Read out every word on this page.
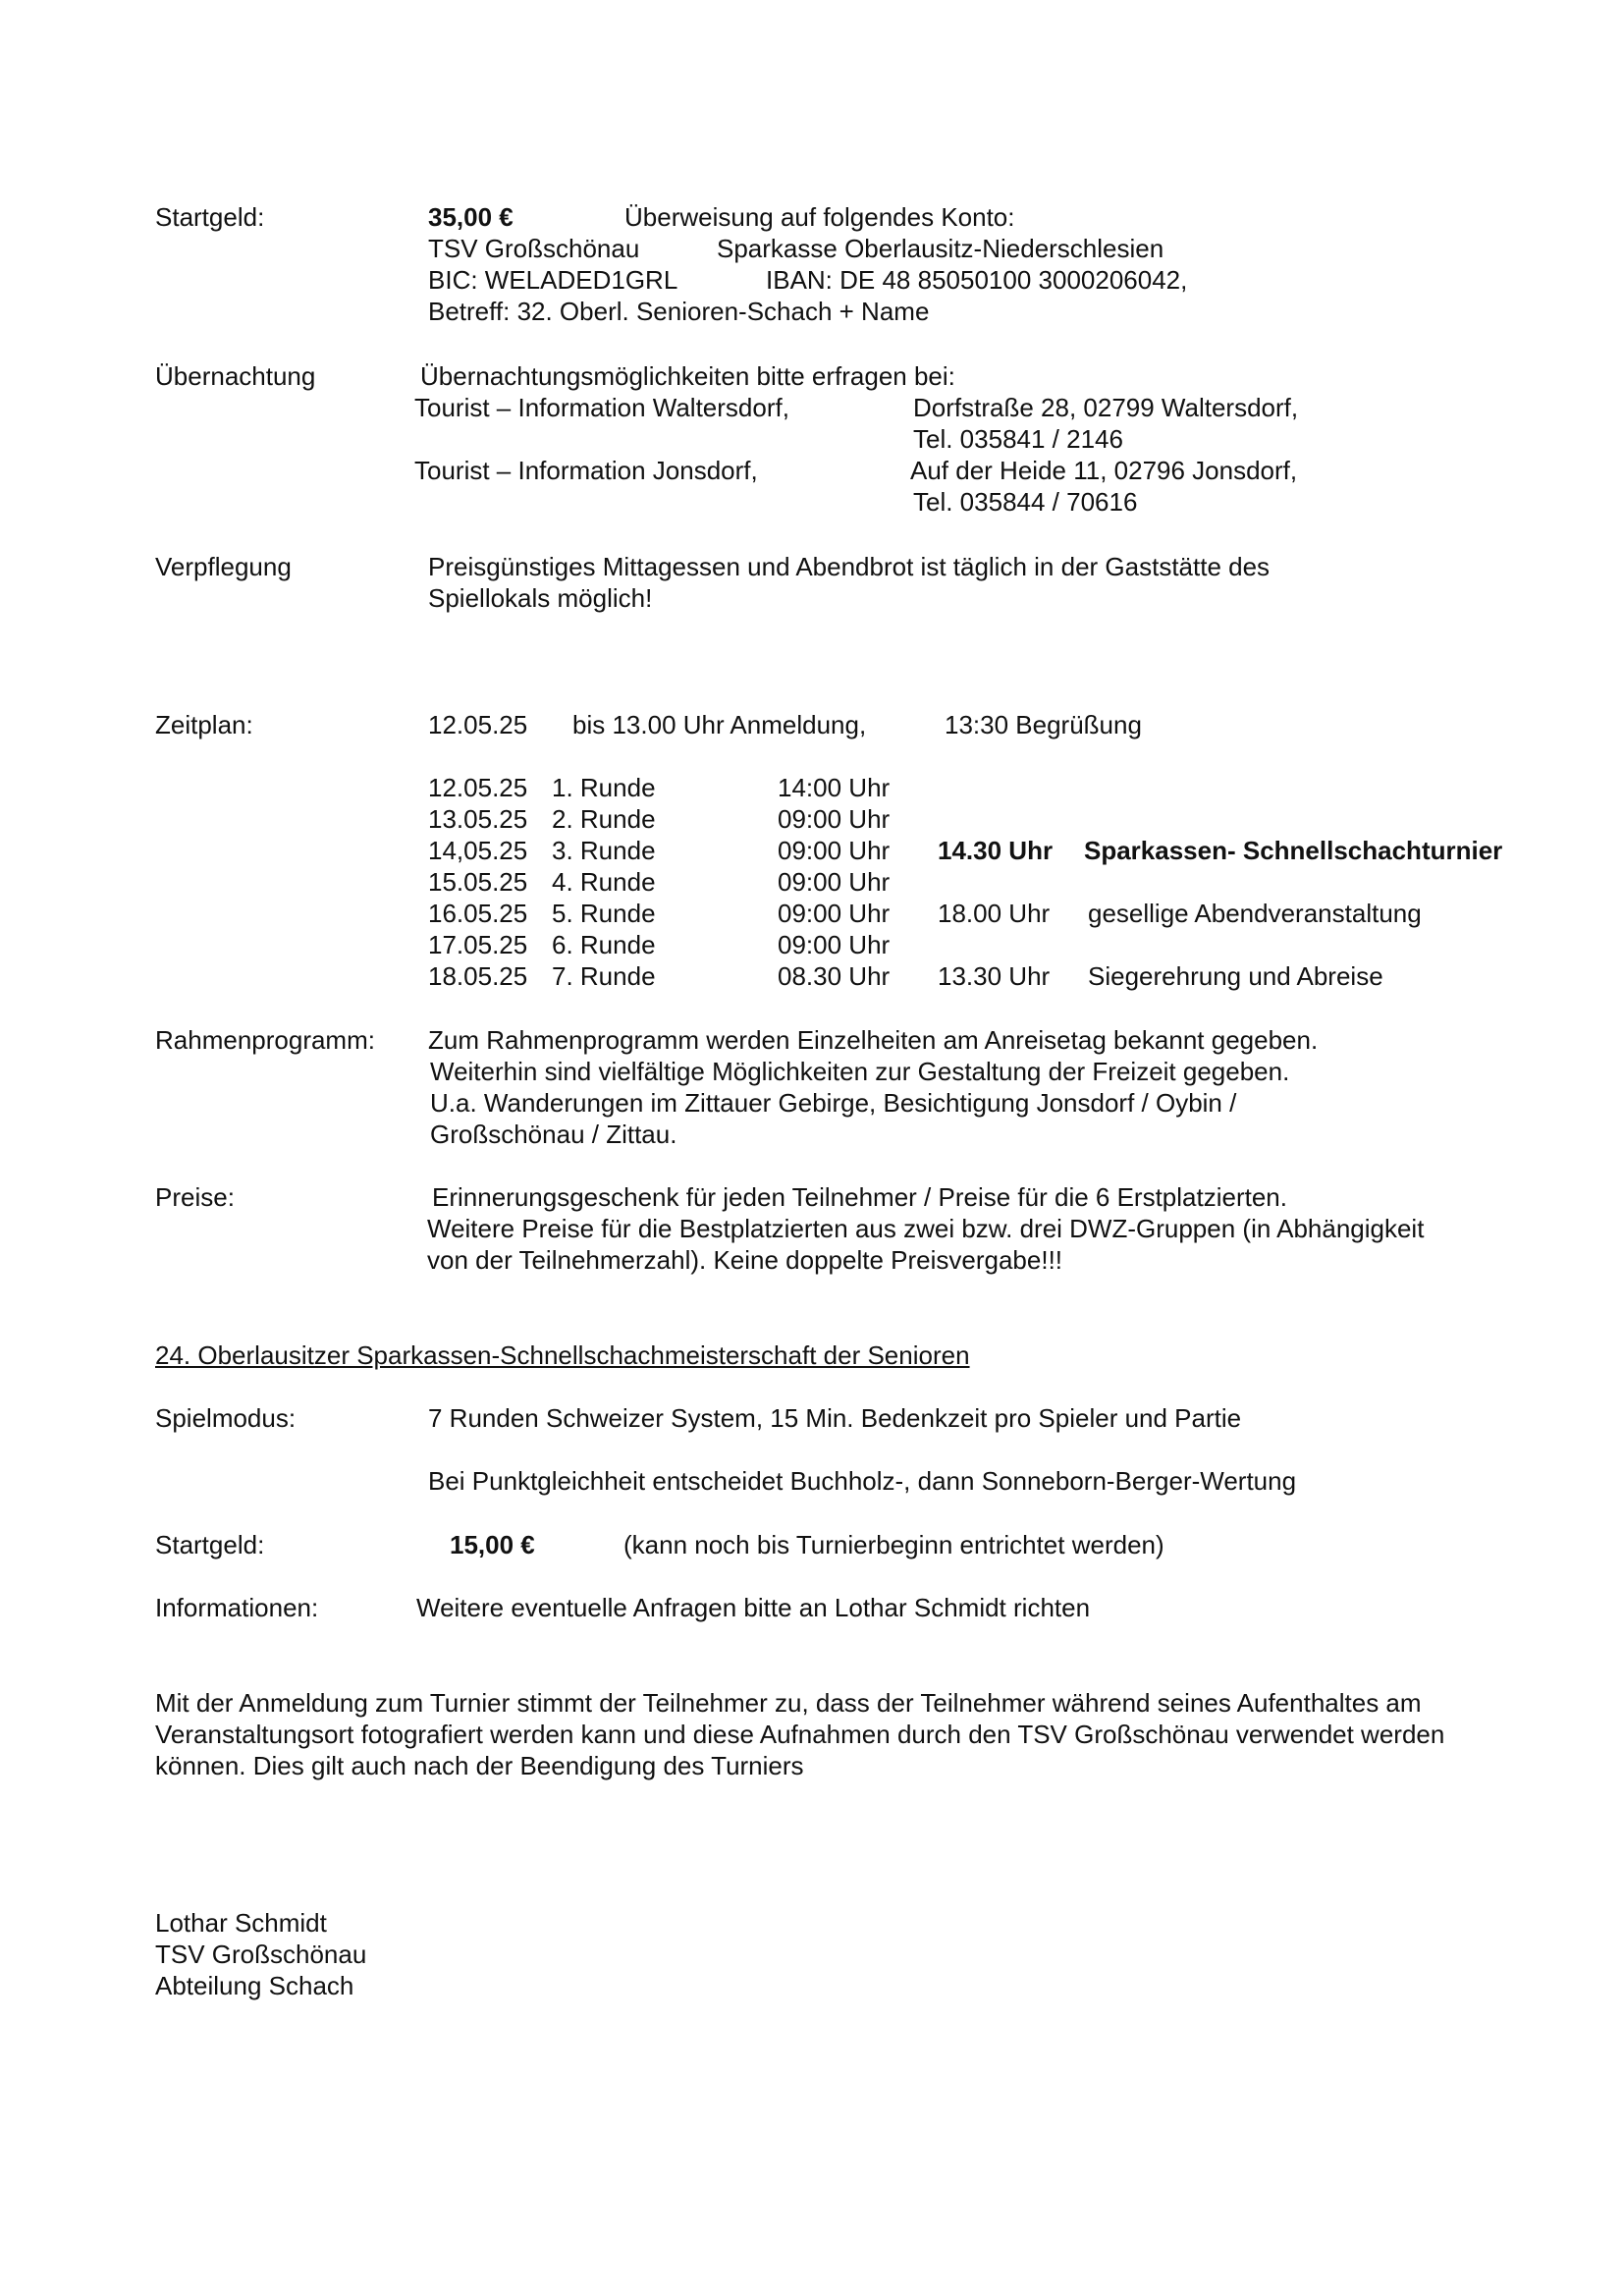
Startgeld:	35,00 €	Überweisung auf folgendes Konto:
TSV Großschönau	Sparkasse Oberlausitz-Niederschlesien
BIC: WELADED1GRL	IBAN: DE 48 85050100 3000206042,
Betreff: 32. Oberl. Senioren-Schach + Name
Übernachtung	Übernachtungsmöglichkeiten bitte erfragen bei:
Tourist – Information Waltersdorf,	Dorfstraße 28, 02799 Waltersdorf,
Tel. 035841 / 2146
Tourist – Information Jonsdorf,	Auf der Heide 11, 02796 Jonsdorf,
Tel. 035844 / 70616
Verpflegung	Preisgünstiges Mittagessen und Abendbrot ist täglich in der Gaststätte des
Spiellokals möglich!
Zeitplan:	12.05.25 bis 13.00 Uhr Anmeldung,	13:30 Begrüßung
12.05.25 1. Runde	14:00 Uhr
13.05.25 2. Runde	09:00 Uhr
14,05.25 3. Runde	09:00 Uhr 14.30 Uhr Sparkassen- Schnellschachturnier
15.05.25 4. Runde	09:00 Uhr
16.05.25 5. Runde	09:00 Uhr 18.00 Uhr gesellige Abendveranstaltung
17.05.25 6. Runde	09:00 Uhr
18.05.25 7. Runde	08.30 Uhr 13.30 Uhr Siegerehrung und Abreise
Rahmenprogramm: Zum Rahmenprogramm werden Einzelheiten am Anreisetag bekannt gegeben.
Weiterhin sind vielfältige Möglichkeiten zur Gestaltung der Freizeit gegeben.
U.a. Wanderungen im Zittauer Gebirge, Besichtigung Jonsdorf / Oybin /
Großschönau / Zittau.
Preise:	Erinnerungsgeschenk für jeden Teilnehmer / Preise für die 6 Erstplatzierten.
Weitere Preise für die Bestplatzierten aus zwei bzw. drei DWZ-Gruppen (in Abhängigkeit
von der Teilnehmerzahl). Keine doppelte Preisvergabe!!!
24. Oberlausitzer Sparkassen-Schnellschachmeisterschaft der Senioren
Spielmodus:	7 Runden Schweizer System, 15 Min. Bedenkzeit pro Spieler und Partie
Bei Punktgleichheit entscheidet Buchholz-, dann Sonneborn-Berger-Wertung
Startgeld:	15,00 €	(kann noch bis Turnierbeginn entrichtet werden)
Informationen:	Weitere eventuelle Anfragen bitte an Lothar Schmidt richten
Mit der Anmeldung zum Turnier stimmt der Teilnehmer zu, dass der Teilnehmer während seines Aufenthaltes am
Veranstaltungsort fotografiert werden kann und diese Aufnahmen durch den TSV Großschönau verwendet werden
können. Dies gilt auch nach der Beendigung des Turniers
Lothar Schmidt
TSV Großschönau
Abteilung Schach
